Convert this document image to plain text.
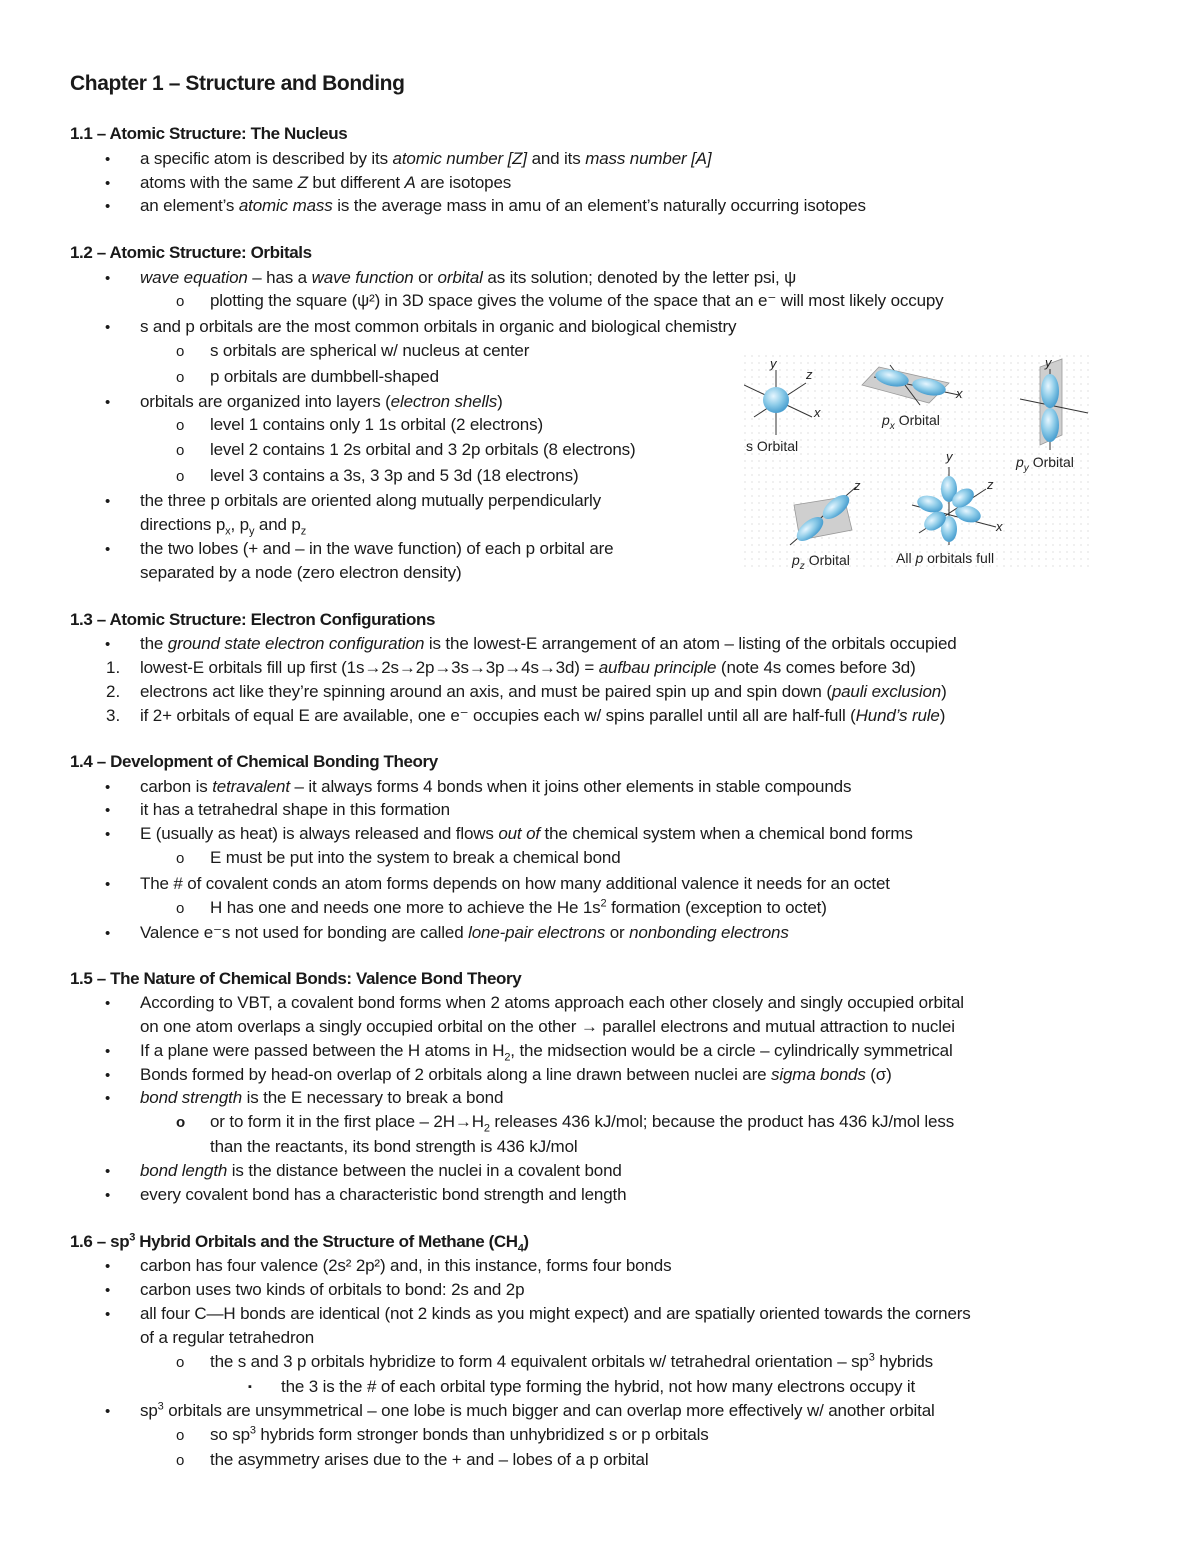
Chapter 1 – Structure and Bonding
1.1 – Atomic Structure: The Nucleus
• a specific atom is described by its atomic number [Z] and its mass number [A]
• atoms with the same Z but different A are isotopes
• an element’s atomic mass is the average mass in amu of an element’s naturally occurring isotopes
1.2 – Atomic Structure: Orbitals
• wave equation – has a wave function or orbital as its solution; denoted by the letter psi, ψ
o plotting the square (ψ²) in 3D space gives the volume of the space that an e⁻ will most likely occupy
• s and p orbitals are the most common orbitals in organic and biological chemistry
o s orbitals are spherical w/ nucleus at center
o p orbitals are dumbbell-shaped
• orbitals are organized into layers (electron shells)
o level 1 contains only 1 1s orbital (2 electrons)
o level 2 contains 1 2s orbital and 3 2p orbitals (8 electrons)
o level 3 contains a 3s, 3 3p and 5 3d (18 electrons)
• the three p orbitals are oriented along mutually perpendicularly
directions $p_x$, $p_y$ and $p_z$
• the two lobes (+ and – in the wave function) of each p orbital are
separated by a node (zero electron density)
y
z
x
s Orbital
x
$p_x$ Orbital
y
$p_y$ Orbital
z
$p_z$ Orbital
y
z
x
All p orbitals full
1.3 – Atomic Structure: Electron Configurations
• the ground state electron configuration is the lowest-E arrangement of an atom – listing of the orbitals occupied
1. lowest-E orbitals fill up first (1s→2s→2p→3s→3p→4s→3d) = aufbau principle (note 4s comes before 3d)
2. electrons act like they’re spinning around an axis, and must be paired spin up and spin down (pauli exclusion)
3. if 2+ orbitals of equal E are available, one e⁻ occupies each w/ spins parallel until all are half-full (Hund’s rule)
1.4 – Development of Chemical Bonding Theory
• carbon is tetravalent – it always forms 4 bonds when it joins other elements in stable compounds
• it has a tetrahedral shape in this formation
• E (usually as heat) is always released and flows out of the chemical system when a chemical bond forms
o E must be put into the system to break a chemical bond
• The # of covalent conds an atom forms depends on how many additional valence it needs for an octet
o H has one and needs one more to achieve the He $1s^2$ formation (exception to octet)
• Valence e⁻s not used for bonding are called lone-pair electrons or nonbonding electrons
1.5 – The Nature of Chemical Bonds: Valence Bond Theory
• According to VBT, a covalent bond forms when 2 atoms approach each other closely and singly occupied orbital
on one atom overlaps a singly occupied orbital on the other → parallel electrons and mutual attraction to nuclei
• If a plane were passed between the H atoms in $H_2$, the midsection would be a circle – cylindrically symmetrical
• Bonds formed by head-on overlap of 2 orbitals along a line drawn between nuclei are sigma bonds (σ)
• bond strength is the E necessary to break a bond
o or to form it in the first place – $2H\to H_2$ releases 436 kJ/mol; because the product has 436 kJ/mol less
than the reactants, its bond strength is 436 kJ/mol
• bond length is the distance between the nuclei in a covalent bond
• every covalent bond has a characteristic bond strength and length
$1.6 - sp^3$ Hybrid Orbitals and the Structure of Methane $(CH_4)$
• carbon has four valence (2s² 2p²) and, in this instance, forms four bonds
• carbon uses two kinds of orbitals to bond: 2s and 2p
• all four C—H bonds are identical (not 2 kinds as you might expect) and are spatially oriented towards the corners
of a regular tetrahedron
o the s and 3 p orbitals hybridize to form 4 equivalent orbitals w/ tetrahedral orientation – $sp^3$ hybrids
▪ the 3 is the # of each orbital type forming the hybrid, not how many electrons occupy it
• $sp^3$ orbitals are unsymmetrical – one lobe is much bigger and can overlap more effectively w/ another orbital
o so $sp^3$ hybrids form stronger bonds than unhybridized s or p orbitals
o the asymmetry arises due to the + and – lobes of a p orbital
